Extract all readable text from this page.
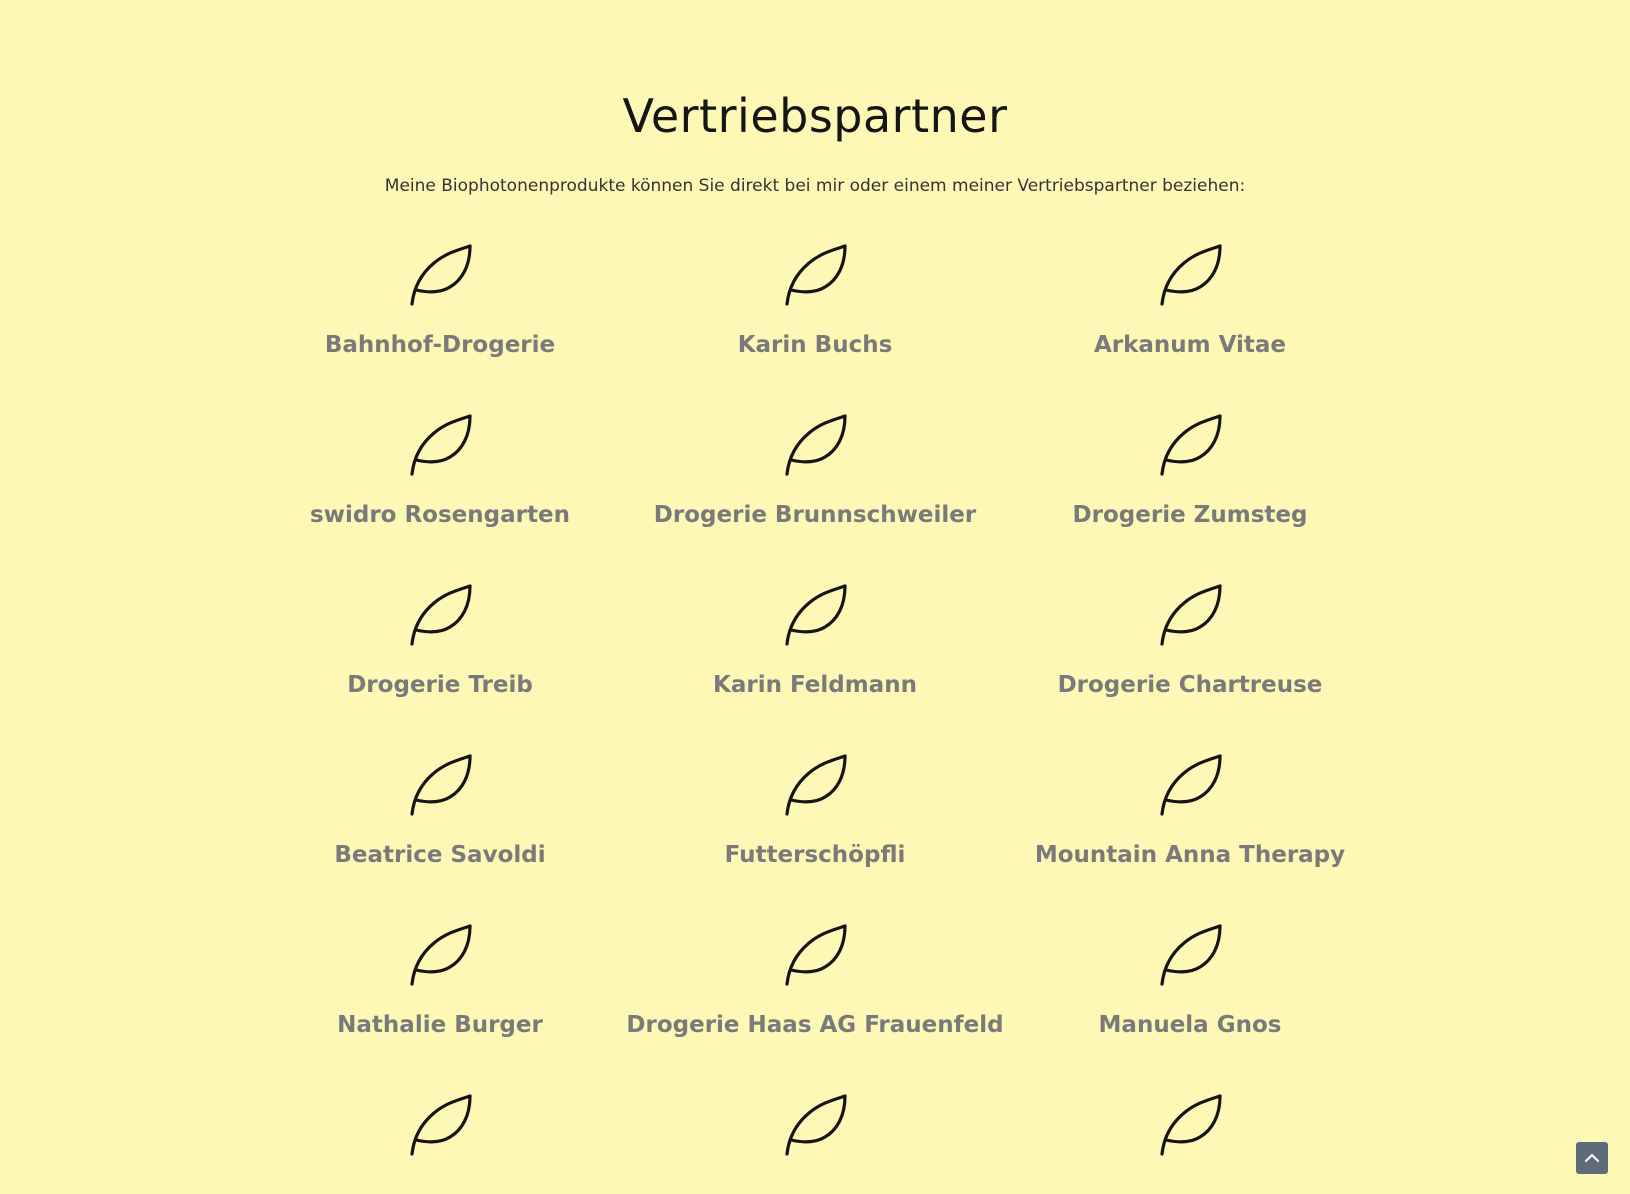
Vertriebspartner

Meine Biophotonenprodukte können Sie direkt bei mir oder einem meiner Vertriebspartner beziehen:

Bahnhof-Drogerie	Karin Buchs	Arkanum Vitae
swidro Rosengarten	Drogerie Brunnschweiler	Drogerie Zumsteg
Drogerie Treib	Karin Feldmann	Drogerie Chartreuse
Beatrice Savoldi	Futterschöpfli	Mountain Anna Therapy
Nathalie Burger	Drogerie Haas AG Frauenfeld	Manuela Gnos
